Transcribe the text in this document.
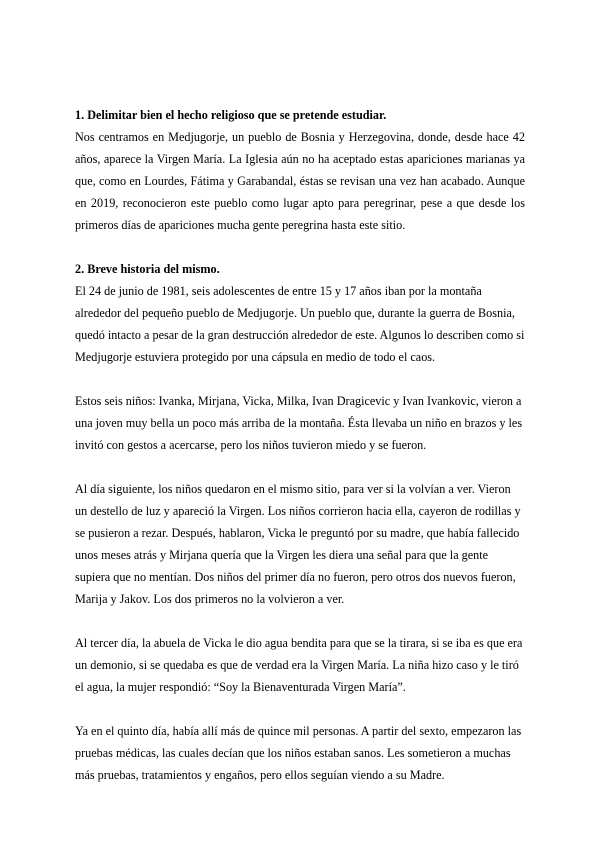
1. Delimitar bien el hecho religioso que se pretende estudiar.

Nos centramos en Medjugorje, un pueblo de Bosnia y Herzegovina, donde, desde hace 42 años, aparece la Virgen María. La Iglesia aún no ha aceptado estas apariciones marianas ya que, como en Lourdes, Fátima y Garabandal, éstas se revisan una vez han acabado. Aunque en 2019, reconocieron este pueblo como lugar apto para peregrinar, pese a que desde los primeros días de apariciones mucha gente peregrina hasta este sitio.

2. Breve historia del mismo.

El 24 de junio de 1981, seis adolescentes de entre 15 y 17 años iban por la montaña alrededor del pequeño pueblo de Medjugorje. Un pueblo que, durante la guerra de Bosnia, quedó intacto a pesar de la gran destrucción alrededor de este. Algunos lo describen como si Medjugorje estuviera protegido por una cápsula en medio de todo el caos.

Estos seis niños: Ivanka, Mirjana, Vicka, Milka, Ivan Dragicevic y Ivan Ivankovic, vieron a una joven muy bella un poco más arriba de la montaña. Ésta llevaba un niño en brazos y les invitó con gestos a acercarse, pero los niños tuvieron miedo y se fueron.

Al día siguiente, los niños quedaron en el mismo sitio, para ver si la volvían a ver. Vieron un destello de luz y apareció la Virgen. Los niños corrieron hacia ella, cayeron de rodillas y se pusieron a rezar. Después, hablaron, Vicka le preguntó por su madre, que había fallecido unos meses atrás y Mirjana quería que la Virgen les diera una señal para que la gente supiera que no mentían. Dos niños del primer día no fueron, pero otros dos nuevos fueron, Marija y Jakov. Los dos primeros no la volvieron a ver.

Al tercer día, la abuela de Vicka le dio agua bendita para que se la tirara, si se iba es que era un demonio, si se quedaba es que de verdad era la Virgen María. La niña hizo caso y le tiró el agua, la mujer respondió: “Soy la Bienaventurada Virgen María”.

Ya en el quinto día, había allí más de quince mil personas. A partir del sexto, empezaron las pruebas médicas, las cuales decían que los niños estaban sanos. Les sometieron a muchas más pruebas, tratamientos y engaños, pero ellos seguían viendo a su Madre.
